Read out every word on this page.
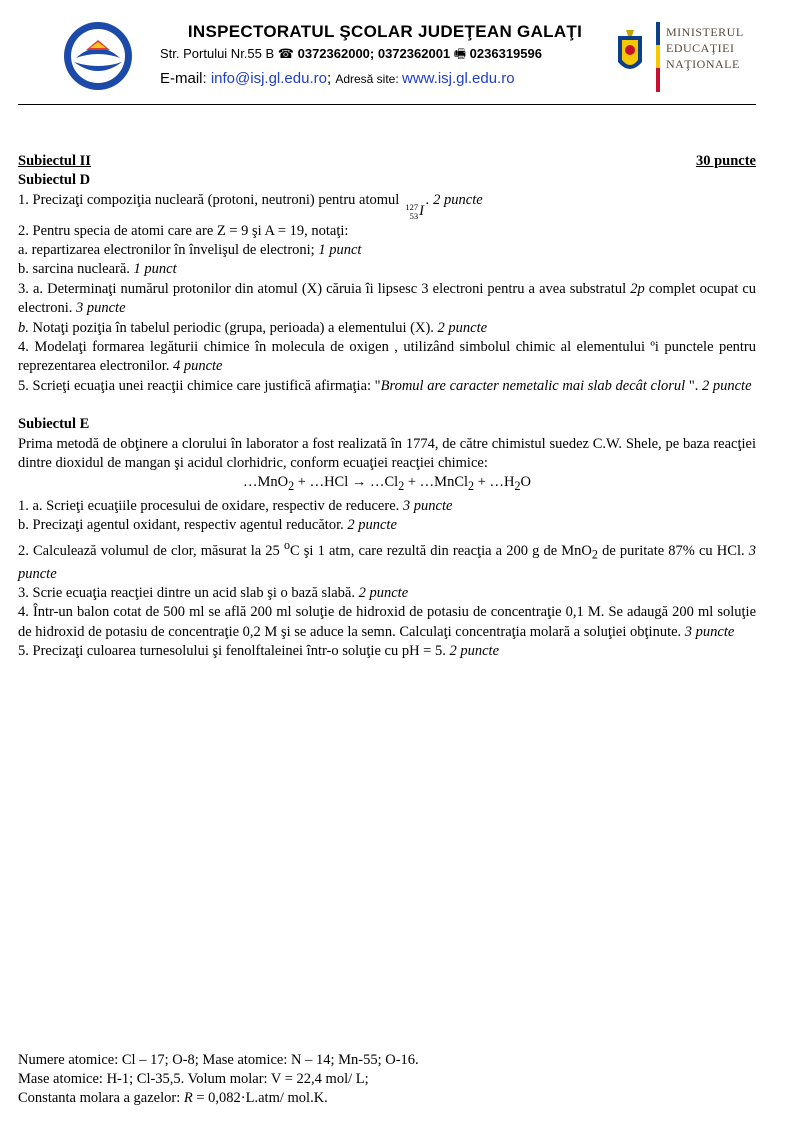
INSPECTORATUL ŞCOLAR JUDEŢEAN GALAŢI
Str. Portului Nr.55 B ☎ 0372362000; 0372362001 🖷 0236319596
E-mail: info@isj.gl.edu.ro; Adresă site: www.isj.gl.edu.ro
MINISTERUL
EDUCAŢIEI
NAŢIONALE
Subiectul II	30 puncte

Subiectul D

1. Precizaţi compoziţia nucleară (protoni, neutroni) pentru atomul 127
53 I
. 2 puncte

2. Pentru specia de atomi care are Z = 9 şi A = 19, notaţi:

a. repartizarea electronilor în învelişul de electroni; 1 punct

b. sarcina nucleară. 1 punct

3. a. Determinaţi numărul protonilor din atomul (X) căruia îi lipsesc 3 electroni pentru a avea substratul 2p complet ocupat cu electroni. 3 puncte

b. Notaţi poziţia în tabelul periodic (grupa, perioada) a elementului (X). 2 puncte

4. Modelaţi formarea legăturii chimice în molecula de oxigen , utilizând simbolul chimic al elementului ºi punctele pentru reprezentarea electronilor. 4 puncte

5. Scrieţi ecuaţia unei reacţii chimice care justifică afirmaţia: "Bromul are caracter nemetalic mai slab decât clorul ". 2 puncte

Subiectul E

Prima metodă de obţinere a clorului în laborator a fost realizată în 1774, de către chimistul suedez C.W. Shele, pe baza reacţiei dintre dioxidul de mangan şi acidul clorhidric, conform ecuaţiei reacţiei chimice:

…MnO$_2$ + …HCl → $\dots Cl_2$ + …MnCl$_2$ + $\dots H_2O$

1. a. Scrieţi ecuaţiile procesului de oxidare, respectiv de reducere. 3 puncte

b. Precizaţi agentul oxidant, respectiv agentul reducător. 2 puncte

2. Calculează volumul de clor, măsurat la 25 $^o$C şi 1 atm, care rezultă din reacţia a 200 g de MnO$_2$ de puritate 87% cu HCl. 3 puncte

3. Scrie ecuaţia reacţiei dintre un acid slab şi o bază slabă. 2 puncte

4. Într-un balon cotat de 500 ml se află 200 ml soluţie de hidroxid de potasiu de concentraţie 0,1 M. Se adaugă 200 ml soluţie de hidroxid de potasiu de concentraţie 0,2 M şi se aduce la semn. Calculaţi concentraţia molară a soluţiei obţinute. 3 puncte

5. Precizaţi culoarea turnesolului şi fenolftaleinei într-o soluţie cu pH = 5. 2 puncte

Numere atomice: Cl – 17; O-8; Mase atomice: N – 14; Mn-55; O-16.

Mase atomice: H-1; Cl-35,5. Volum molar: V = 22,4 mol/ L;

Constanta molara a gazelor: R = 0,082·L.atm/ mol.K.
